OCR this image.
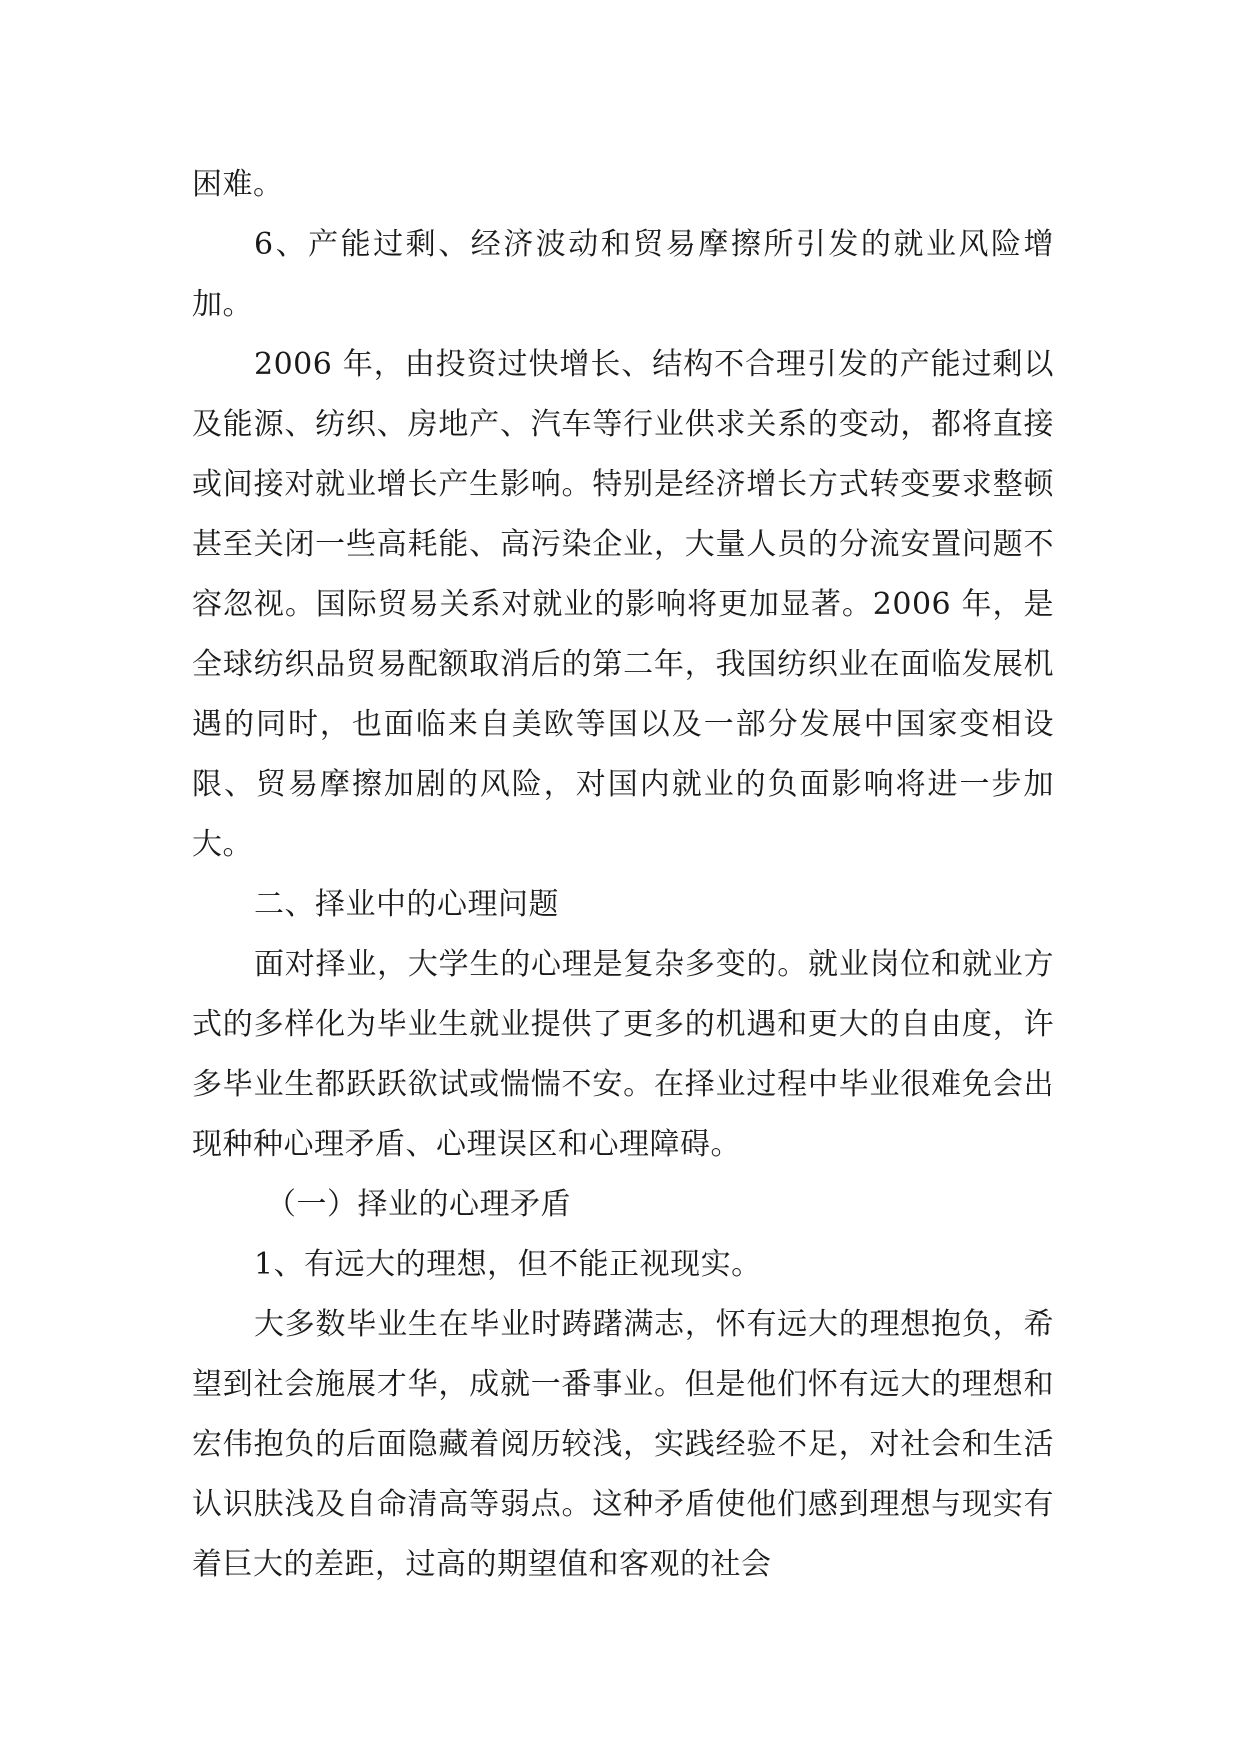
困难。

6、产能过剩、经济波动和贸易摩擦所引发的就业风险增加。

2006 年，由投资过快增长、结构不合理引发的产能过剩以及能源、纺织、房地产、汽车等行业供求关系的变动，都将直接或间接对就业增长产生影响。特别是经济增长方式转变要求整顿甚至关闭一些高耗能、高污染企业，大量人员的分流安置问题不容忽视。国际贸易关系对就业的影响将更加显著。2006 年，是全球纺织品贸易配额取消后的第二年，我国纺织业在面临发展机遇的同时，也面临来自美欧等国以及一部分发展中国家变相设限、贸易摩擦加剧的风险，对国内就业的负面影响将进一步加大。

二、择业中的心理问题

面对择业，大学生的心理是复杂多变的。就业岗位和就业方式的多样化为毕业生就业提供了更多的机遇和更大的自由度，许多毕业生都跃跃欲试或惴惴不安。在择业过程中毕业很难免会出现种种心理矛盾、心理误区和心理障碍。

（一）择业的心理矛盾

1、有远大的理想，但不能正视现实。

大多数毕业生在毕业时踌躇满志，怀有远大的理想抱负，希望到社会施展才华，成就一番事业。但是他们怀有远大的理想和宏伟抱负的后面隐藏着阅历较浅，实践经验不足，对社会和生活认识肤浅及自命清高等弱点。这种矛盾使他们感到理想与现实有着巨大的差距，过高的期望值和客观的社会
